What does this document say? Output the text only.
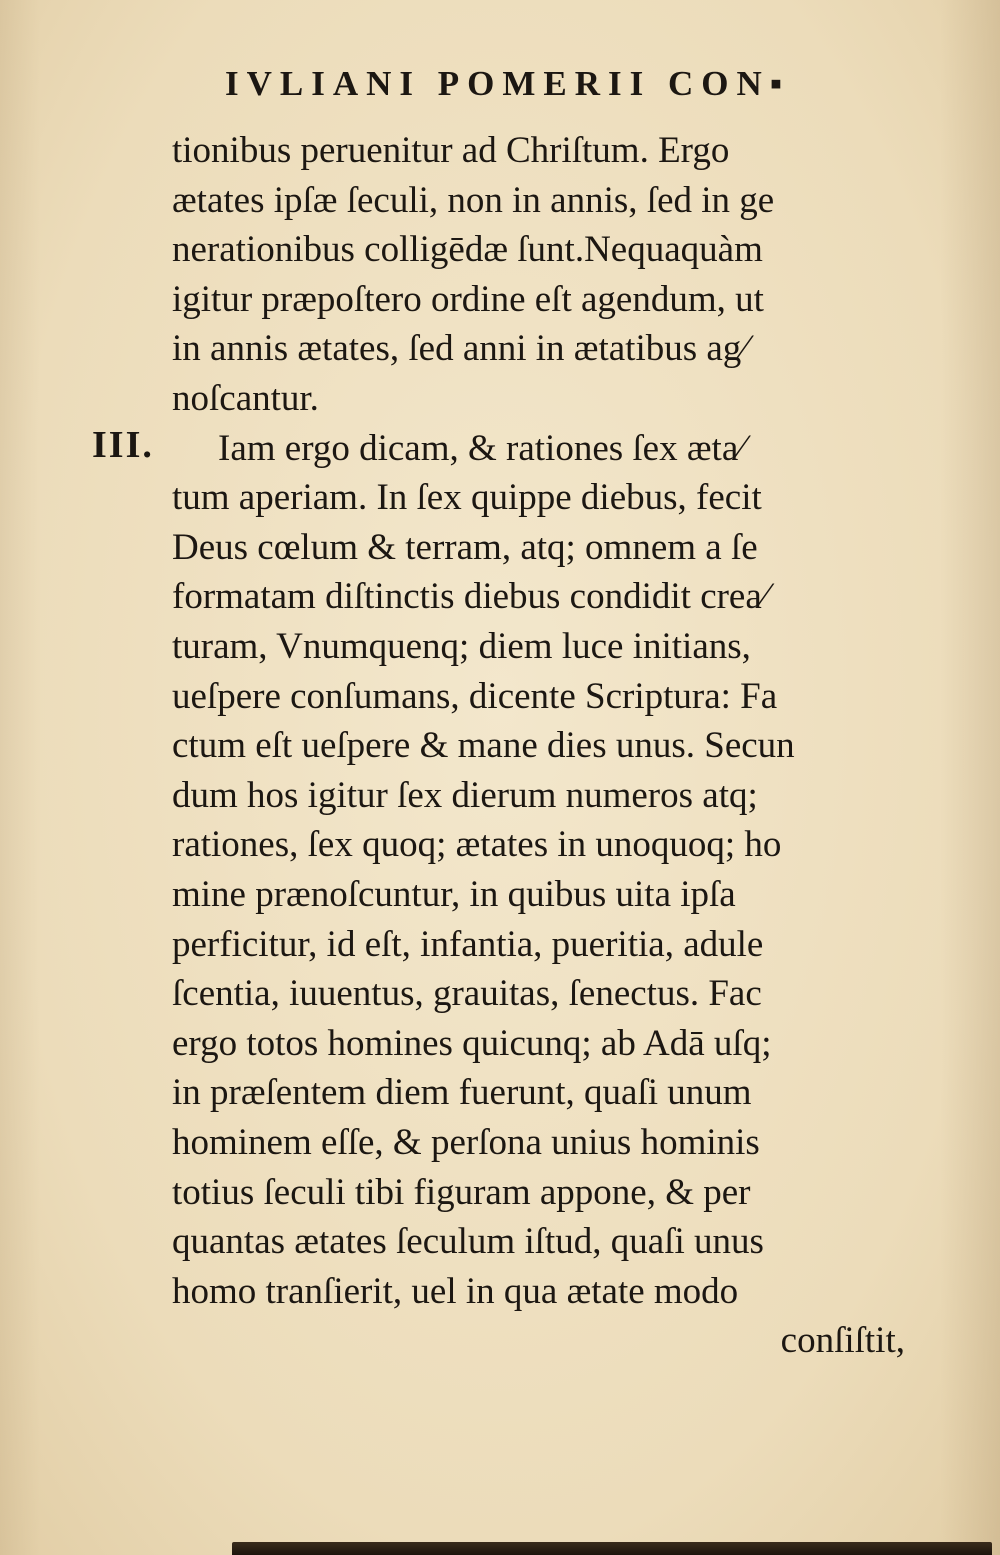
IVLIANI POMERII CON▪
III.
tionibus peruenitur ad Chriſtum. Ergo
ætates ipſæ ſeculi, non in annis, ſed in ge
nerationibus colligēdæ ſunt.Nequaquàm
igitur præpoſtero ordine eſt agendum, ut
in annis ætates, ſed anni in ætatibus ag⁄
noſcantur.
Iam ergo dicam, & rationes ſex æta⁄
tum aperiam. In ſex quippe diebus, fecit
Deus cœlum & terram, atq; omnem a ſe
formatam diſtinctis diebus condidit crea⁄
turam, Vnumquenq; diem luce initians,
ueſpere conſumans, dicente Scriptura: Fa
ctum eſt ueſpere & mane dies unus. Secun
dum hos igitur ſex dierum numeros atq;
rationes, ſex quoq; ætates in unoquoq; ho
mine prænoſcuntur, in quibus uita ipſa
perficitur, id eſt, infantia, pueritia, adule
ſcentia, iuuentus, grauitas, ſenectus. Fac
ergo totos homines quicunq; ab Adā uſq;
in præſentem diem fuerunt, quaſi unum
hominem eſſe, & perſona unius hominis
totius ſeculi tibi figuram appone, & per
quantas ætates ſeculum iſtud, quaſi unus
homo tranſierit, uel in qua ætate modo
conſiſtit,
